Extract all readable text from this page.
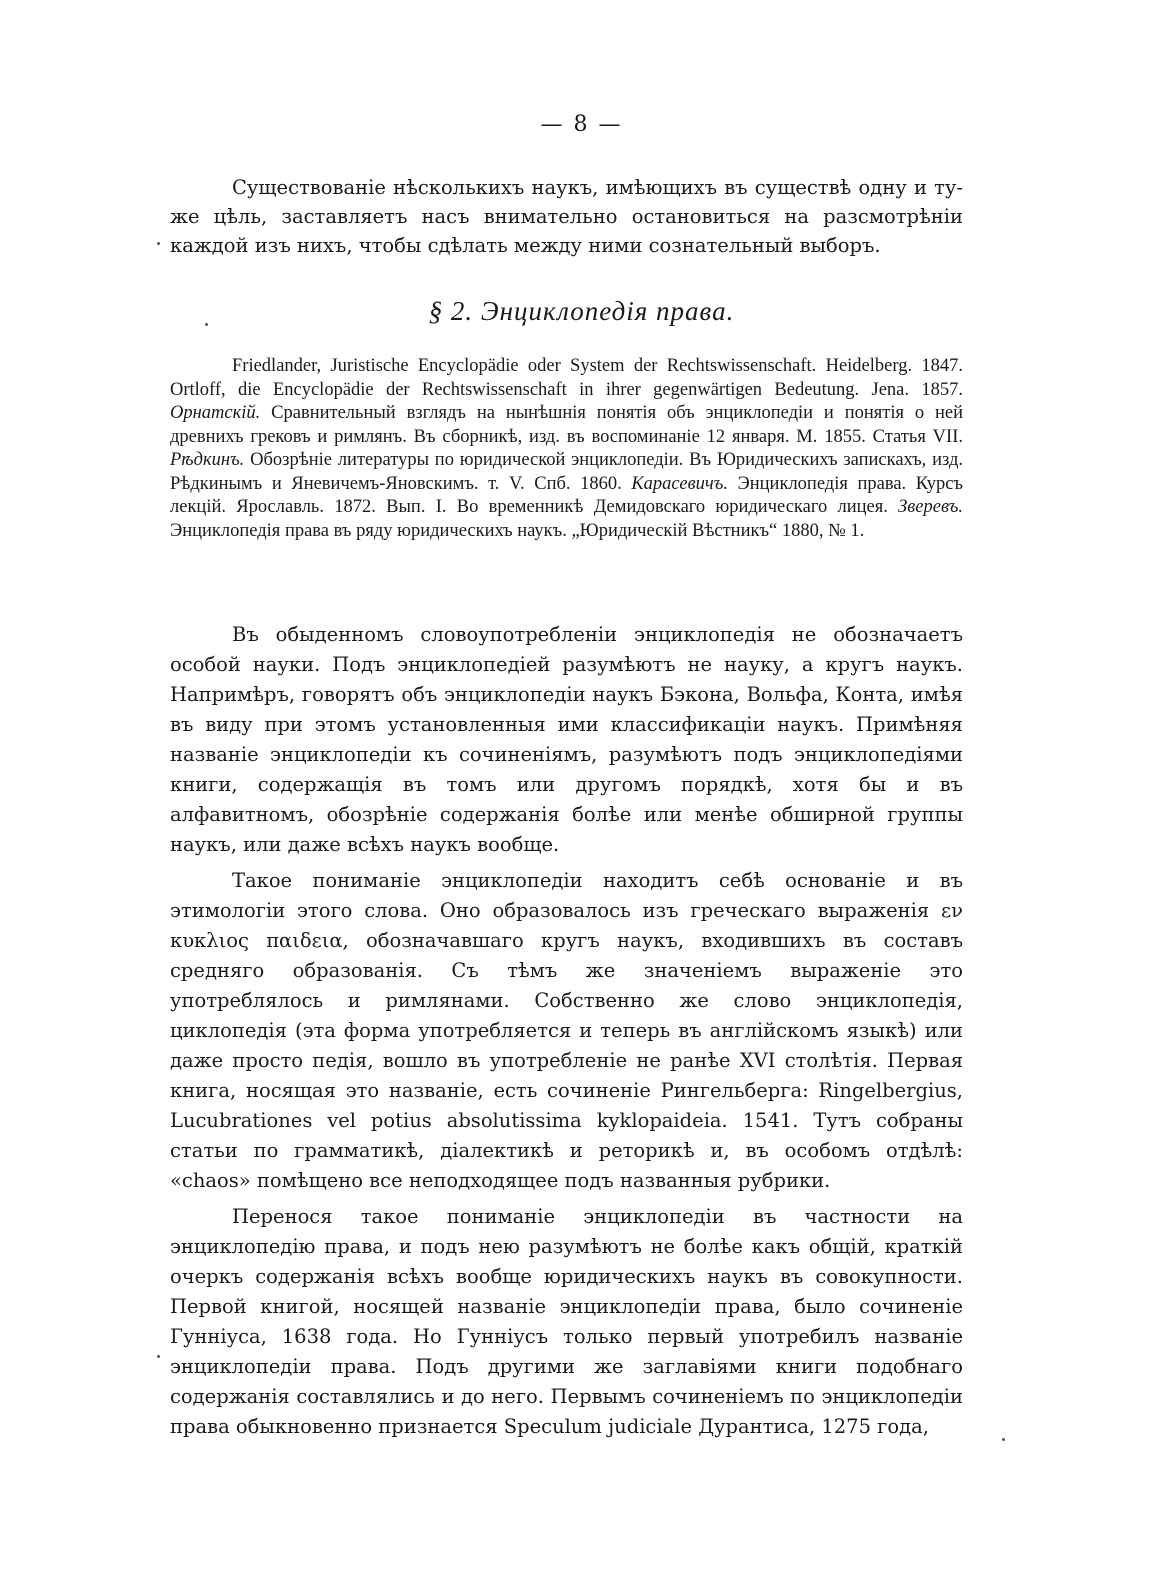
— 8 —
Существованіе нѣсколькихъ наукъ, имѣющихъ въ существѣ одну и ту-же цѣль, заставляетъ насъ внимательно остановиться на разсмотрѣніи каждой изъ нихъ, чтобы сдѣлать между ними сознательный выборъ.
§ 2. Энциклопедія права.
Friedlander, Juristische Encyclopädie oder System der Rechtswissenschaft. Heidelberg. 1847. Ortloff, die Encyclopädie der Rechtswissenschaft in ihrer gegenwärtigen Bedeutung. Jena. 1857. Орнатскій. Сравнительный взглядъ на нынѣшнія понятія объ энциклопедіи и понятія о ней древнихъ грековъ и римлянъ. Въ сборникѣ, изд. въ воспоминаніе 12 января. М. 1855. Статья VII. Рѣдкинъ. Обозрѣніе литературы по юридической энциклопедіи. Въ Юридическихъ запискахъ, изд. Рѣдкинымъ и Яневичемъ-Яновскимъ. т. V. Спб. 1860. Карасевичъ. Энциклопедія права. Курсъ лекцій. Ярославль. 1872. Вып. I. Во временникѣ Демидовскаго юридическаго лицея. Зверевъ. Энциклопедія права въ ряду юридическихъ наукъ. „Юридическій Вѣстникъ“ 1880, № 1.

Въ обыденномъ словоупотребленіи энциклопедія не обозначаетъ особой науки. Подъ энциклопедіей разумѣютъ не науку, а кругъ наукъ. Напримѣръ, говорятъ объ энциклопедіи наукъ Бэкона, Вольфа, Конта, имѣя въ виду при этомъ установленныя ими классификаціи наукъ. Примѣняя названіе энциклопедіи къ сочиненіямъ, разумѣютъ подъ энциклопедіями книги, содержащія въ томъ или другомъ порядкѣ, хотя бы и въ алфавитномъ, обозрѣніе содержанія болѣе или менѣе обширной группы наукъ, или даже всѣхъ наукъ вообще.

Такое пониманіе энциклопедіи находитъ себѣ основаніе и въ этимологіи этого слова. Оно образовалось изъ греческаго выраженія εν κυκλιος παιδεια, обозначавшаго кругъ наукъ, входившихъ въ составъ средняго образованія. Съ тѣмъ же значеніемъ выраженіе это употреблялось и римлянами. Собственно же слово энциклопедія, циклопедія (эта форма употребляется и теперь въ англійскомъ языкѣ) или даже просто педія, вошло въ употребленіе не ранѣе XVI столѣтія. Первая книга, носящая это названіе, есть сочиненіе Рингельберга: Ringelbergius, Lucubrationes vel potius absolutissima kyklopaideia. 1541. Тутъ собраны статьи по грамматикѣ, діалектикѣ и реторикѣ и, въ особомъ отдѣлѣ: «chaos» помѣщено все неподходящее подъ названныя рубрики.

Перенося такое пониманіе энциклопедіи въ частности на энциклопедію права, и подъ нею разумѣютъ не болѣе какъ общій, краткій очеркъ содержанія всѣхъ вообще юридическихъ наукъ въ совокупности. Первой книгой, носящей названіе энциклопедіи права, было сочиненіе Гунніуса, 1638 года. Но Гунніусъ только первый употребилъ названіе энциклопедіи права. Подъ другими же заглавіями книги подобнаго содержанія составлялись и до него. Первымъ сочиненіемъ по энциклопедіи права обыкновенно признается Speculum judiciale Дурантиса, 1275 года,
